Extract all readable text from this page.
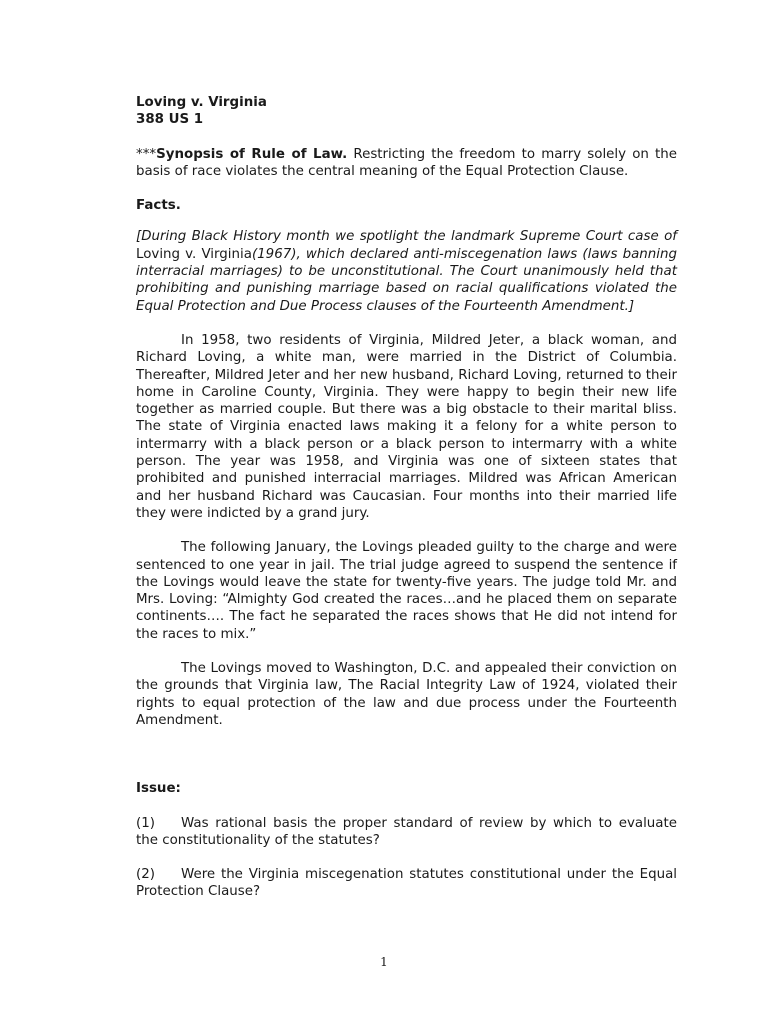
Loving v. Virginia

388 US 1

***Synopsis of Rule of Law. Restricting the freedom to marry solely on the basis of race violates the central meaning of the Equal Protection Clause.

Facts.

[During Black History month we spotlight the landmark Supreme Court case of Loving v. Virginia(1967), which declared anti-miscegenation laws (laws banning interracial marriages) to be unconstitutional. The Court unanimously held that prohibiting and punishing marriage based on racial qualifications violated the Equal Protection and Due Process clauses of the Fourteenth Amendment.]

In 1958, two residents of Virginia, Mildred Jeter, a black woman, and Richard Loving, a white man, were married in the District of Columbia. Thereafter, Mildred Jeter and her new husband, Richard Loving, returned to their home in Caroline County, Virginia. They were happy to begin their new life together as married couple. But there was a big obstacle to their marital bliss. The state of Virginia enacted laws making it a felony for a white person to intermarry with a black person or a black person to intermarry with a white person. The year was 1958, and Virginia was one of sixteen states that prohibited and punished interracial marriages. Mildred was African American and her husband Richard was Caucasian. Four months into their married life they were indicted by a grand jury.

The following January, the Lovings pleaded guilty to the charge and were sentenced to one year in jail. The trial judge agreed to suspend the sentence if the Lovings would leave the state for twenty-five years. The judge told Mr. and Mrs. Loving: “Almighty God created the races…and he placed them on separate continents…. The fact he separated the races shows that He did not intend for the races to mix.”

The Lovings moved to Washington, D.C. and appealed their conviction on the grounds that Virginia law, The Racial Integrity Law of 1924, violated their rights to equal protection of the law and due process under the Fourteenth Amendment.

Issue:

(1) Was rational basis the proper standard of review by which to evaluate the constitutionality of the statutes?

(2) Were the Virginia miscegenation statutes constitutional under the Equal Protection Clause?

1
